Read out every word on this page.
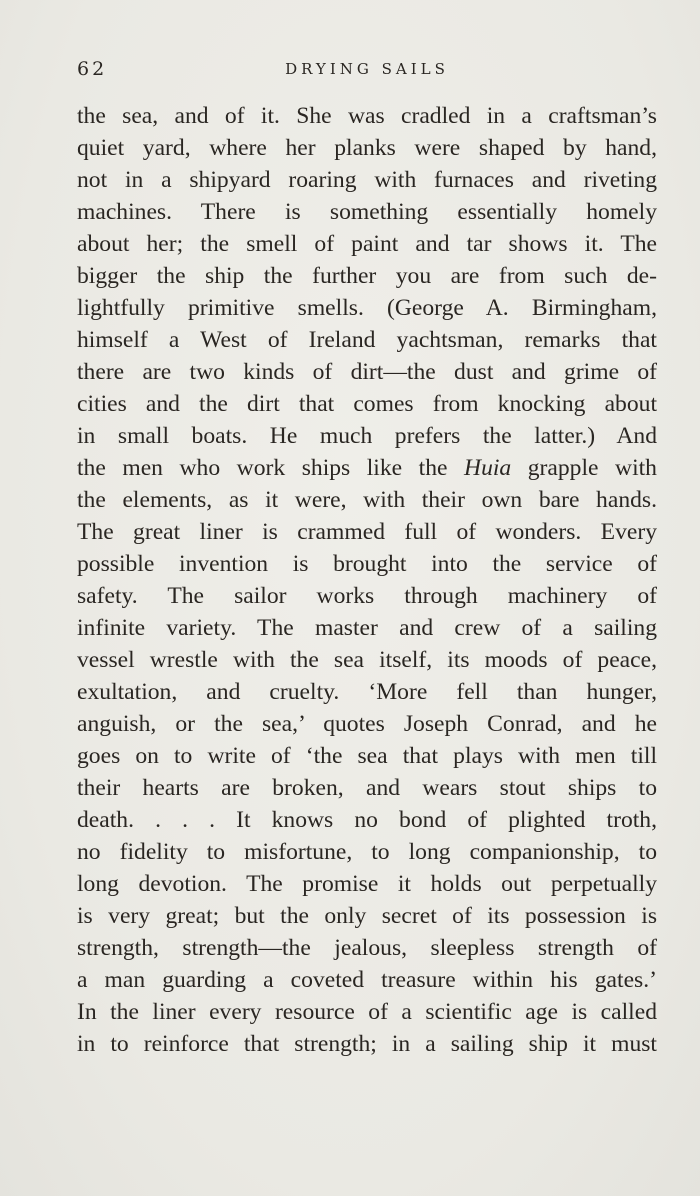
62	DRYING SAILS
the sea, and of it. She was cradled in a craftsman’s
quiet yard, where her planks were shaped by hand,
not in a shipyard roaring with furnaces and riveting
machines. There is something essentially homely
about her; the smell of paint and tar shows it. The
bigger the ship the further you are from such de-
lightfully primitive smells. (George A. Birmingham,
himself a West of Ireland yachtsman, remarks that
there are two kinds of dirt—the dust and grime of
cities and the dirt that comes from knocking about
in small boats. He much prefers the latter.) And
the men who work ships like the Huia grapple with
the elements, as it were, with their own bare hands.
The great liner is crammed full of wonders. Every
possible invention is brought into the service of
safety. The sailor works through machinery of
infinite variety. The master and crew of a sailing
vessel wrestle with the sea itself, its moods of peace,
exultation, and cruelty. ‘More fell than hunger,
anguish, or the sea,’ quotes Joseph Conrad, and he
goes on to write of ‘the sea that plays with men till
their hearts are broken, and wears stout ships to
death. . . . It knows no bond of plighted troth,
no fidelity to misfortune, to long companionship, to
long devotion. The promise it holds out perpetually
is very great; but the only secret of its possession is
strength, strength—the jealous, sleepless strength of
a man guarding a coveted treasure within his gates.’
In the liner every resource of a scientific age is called
in to reinforce that strength; in a sailing ship it must
